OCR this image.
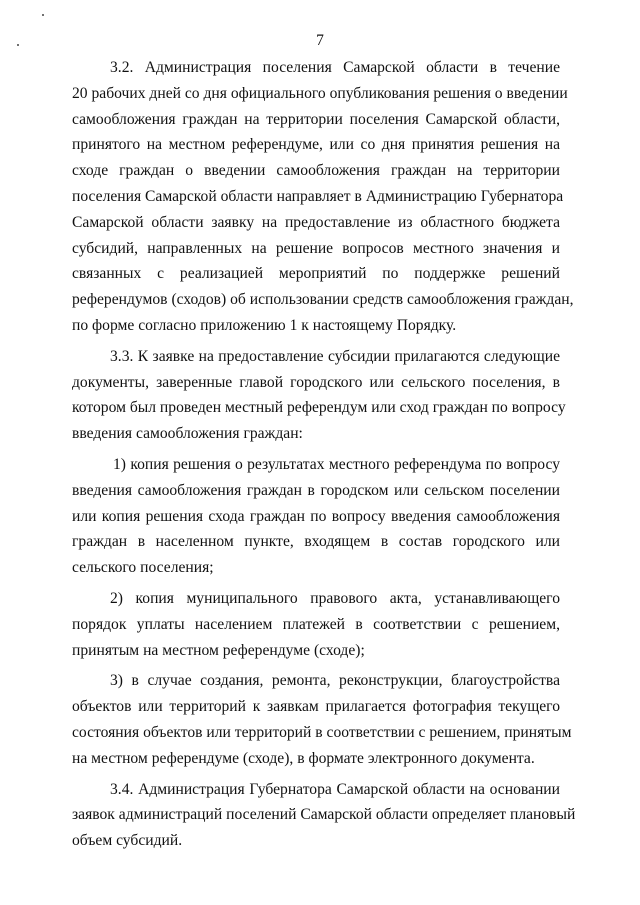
7

3.2. Администрация поселения Самарской области в течение
20 рабочих дней со дня официального опубликования решения о введении
самообложения граждан на территории поселения Самарской области,
принятого на местном референдуме, или со дня принятия решения на
сходе граждан о введении самообложения граждан на территории
поселения Самарской области направляет в Администрацию Губернатора
Самарской области заявку на предоставление из областного бюджета
субсидий, направленных на решение вопросов местного значения и
связанных с реализацией мероприятий по поддержке решений
референдумов (сходов) об использовании средств самообложения граждан,
по форме согласно приложению 1 к настоящему Порядку.

3.3. К заявке на предоставление субсидии прилагаются следующие
документы, заверенные главой городского или сельского поселения, в
котором был проведен местный референдум или сход граждан по вопросу
введения самообложения граждан:

1) копия решения о результатах местного референдума по вопросу
введения самообложения граждан в городском или сельском поселении
или копия решения схода граждан по вопросу введения самообложения
граждан в населенном пункте, входящем в состав городского или
сельского поселения;

2) копия муниципального правового акта, устанавливающего
порядок уплаты населением платежей в соответствии с решением,
принятым на местном референдуме (сходе);

3) в случае создания, ремонта, реконструкции, благоустройства
объектов или территорий к заявкам прилагается фотография текущего
состояния объектов или территорий в соответствии с решением, принятым
на местном референдуме (сходе), в формате электронного документа.

3.4. Администрация Губернатора Самарской области на основании
заявок администраций поселений Самарской области определяет плановый
объем субсидий.
